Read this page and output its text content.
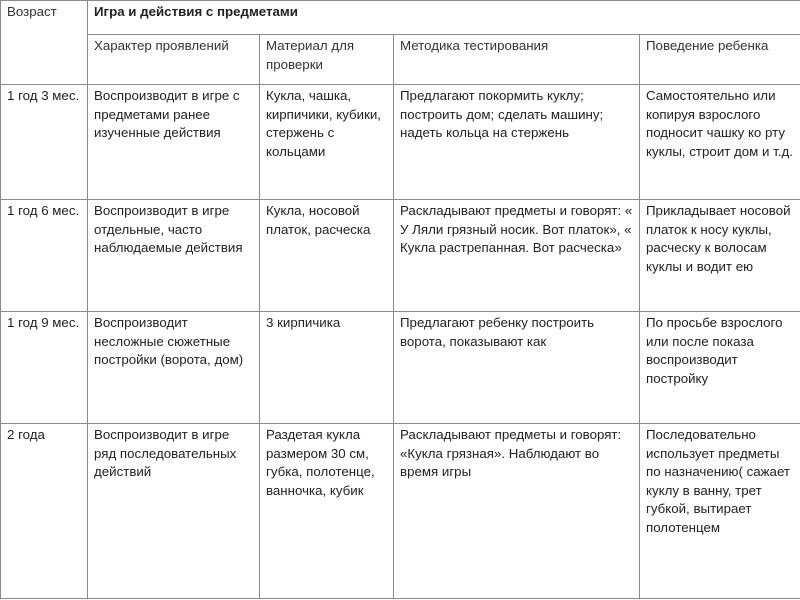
Возраст	Игра и действия с предметами			
	Характер проявлений	Материал для проверки	Методика тестирования	Поведение ребенка
1 год 3 мес.	Воспроизводит в игре с предметами ранее изученные действия	Кукла, чашка, кирпичики, кубики, стержень с кольцами	Предлагают покормить куклу; построить дом; сделать машину; надеть кольца на стержень	Самостоятельно или копируя взрослого подносит чашку ко рту куклы, строит дом и т.д.
1 год 6 мес.	Воспроизводит в игре отдельные, часто наблюдаемые действия	Кукла, носовой платок, расческа	Раскладывают предметы и говорят: « У Ляли грязный носик. Вот платок», « Кукла растрепанная. Вот расческа»	Прикладывает носовой платок к носу куклы, расческу к волосам куклы и водит ею
1 год 9 мес.	Воспроизводит несложные сюжетные постройки (ворота, дом)	3 кирпичика	Предлагают ребенку построить ворота, показывают как	По просьбе взрослого или после показа воспроизводит постройку
2 года	Воспроизводит в игре ряд последовательных действий	Раздетая кукла размером 30 см, губка, полотенце, ванночка, кубик	Раскладывают предметы и говорят: «Кукла грязная». Наблюдают во время игры	Последовательно использует предметы по назначению( сажает куклу в ванну, трет губкой, вытирает полотенцем
